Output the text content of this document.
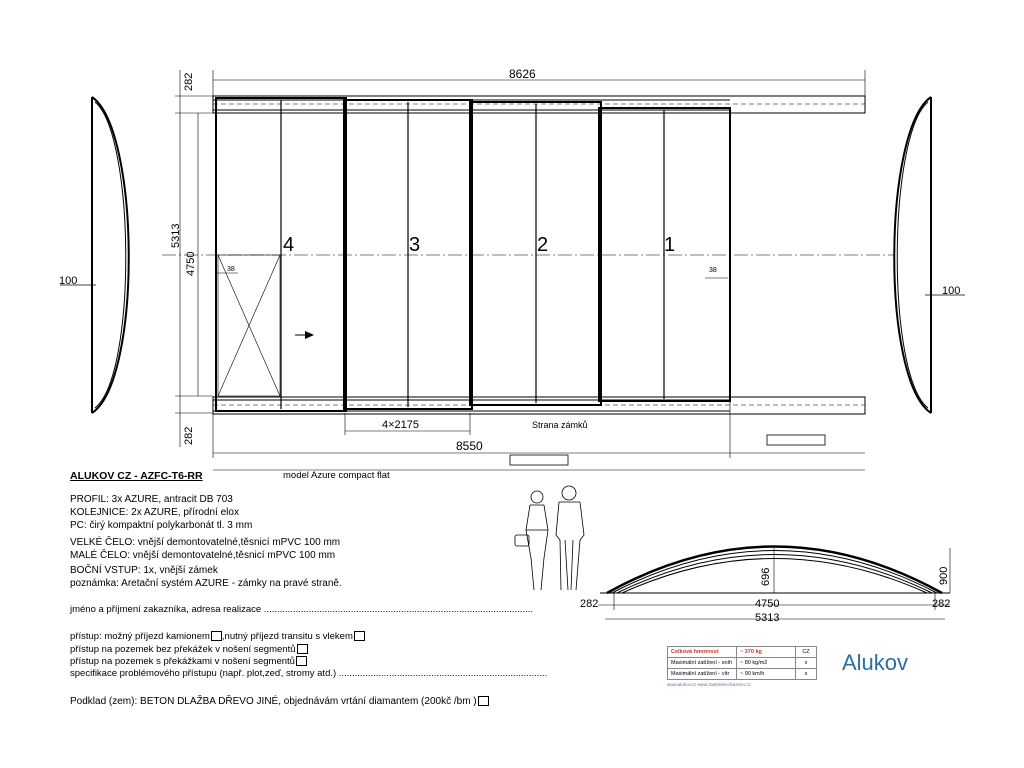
8626
5313
4750
282
282
4×2175
8550
38	38
100
100
4	3	2	1
Strana zámků
model Azure compact flat
696	900
282	4750	282
5313
ALUKOV CZ - AZFC-T6-RR
PROFIL: 3x AZURE, antracit DB 703
KOLEJNICE: 2x AZURE, přírodní elox
PC: čirý kompaktní polykarbonát tl. 3 mm
VELKÉ ČELO: vnější demontovatelné,těsnicí mPVC 100 mm
MALÉ ČELO: vnější demontovatelné,těsnicí mPVC 100 mm
BOČNÍ VSTUP: 1x, vnější zámek
poznámka: Aretační systém AZURE - zámky na pravé straně.
jméno a příjmení zakazníka, adresa realizace ......................................................................................................
přístup: možný příjezd kamionem ,nutný příjezd transitu s vlekem
přístup na pozemek bez překážek v nošení segmentů
přístup na pozemek s překážkami v nošení segmentů
specifikace problémového přístupu (např. plot,zeď, stromy atd.) ...............................................................................
Podklad (zem): BETON DLAŽBA DŘEVO JINÉ, objednávám vrtání diamantem (200kč /bm )
Celková hmotnost	~ 370 kg	CZ
Maximální zatížení - sníh	~ 80 kg/m2	x
Maximální zatížení - vítr	~ 90 km/h	x
www.alukov.cz www.zastreseni-bazenu.cz
Alukov
